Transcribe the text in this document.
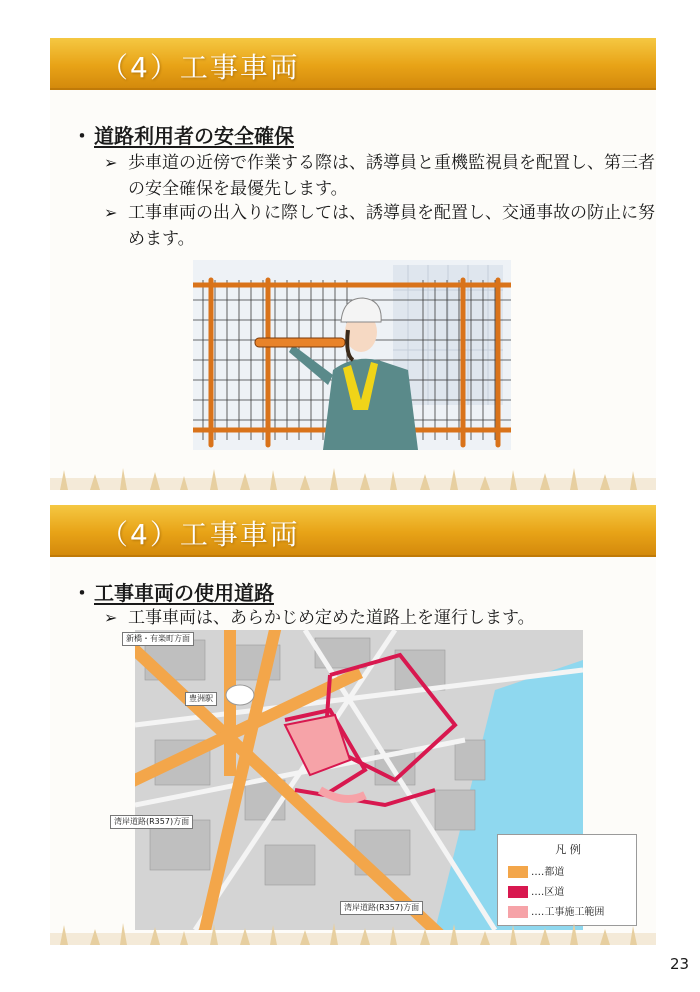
（4）工事車両
・ 道路利用者の安全確保
➢ 歩車道の近傍で作業する際は、誘導員と重機監視員を配置し、第三者の安全確保を最優先します。
➢ 工事車両の出入りに際しては、誘導員を配置し、交通事故の防止に努めます。
（4）工事車両
・ 工事車両の使用道路
➢ 工事車両は、あらかじめ定めた道路上を運行します。
新橋・有楽町方面
豊洲駅
湾岸道路(R357)方面
湾岸道路(R357)方面
凡 例
‥‥都道
‥‥区道
‥‥工事施工範囲
23
